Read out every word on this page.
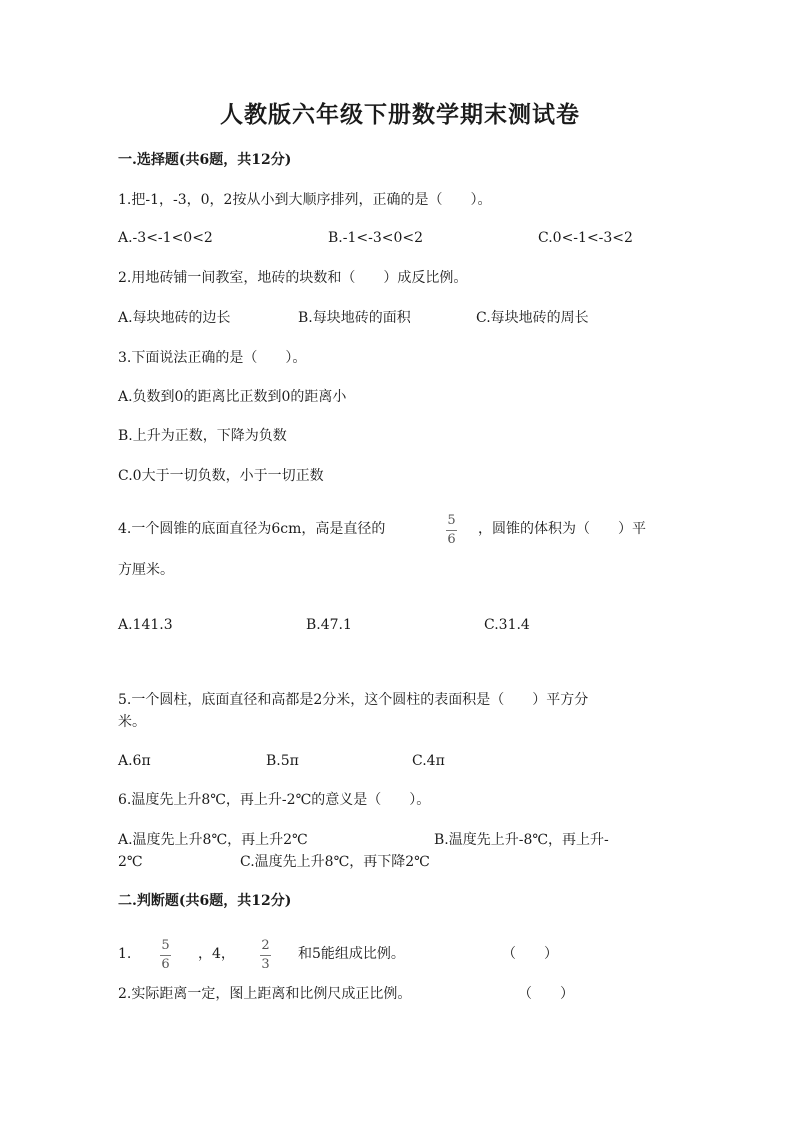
人教版六年级下册数学期末测试卷
一.选择题(共6题，共12分)
1.把-1，-3，0，2按从小到大顺序排列，正确的是（　　）。
A.-3<-1<0<2	B.-1<-3<0<2	C.0<-1<-3<2
2.用地砖铺一间教室，地砖的块数和（　　）成反比例。
A.每块地砖的边长	B.每块地砖的面积	C.每块地砖的周长
3.下面说法正确的是（　　）。
A.负数到0的距离比正数到0的距离小
B.上升为正数，下降为负数
C.0大于一切负数，小于一切正数
4.一个圆锥的底面直径为6cm，高是直径的
5
6
，圆锥的体积为（　　）平
方厘米。
A.141.3	B.47.1	C.31.4
5.一个圆柱，底面直径和高都是2分米，这个圆柱的表面积是（　　）平方分
米。
A.6π	B.5π	C.4π
6.温度先上升8℃，再上升-2℃的意义是（　　）。
A.温度先上升8℃，再上升2℃	B.温度先上升-8℃，再上升-
2℃	C.温度先上升8℃，再下降2℃
二.判断题(共6题，共12分)
1.
5
6
，4，
2
3
和5能组成比例。	（　　）
2.实际距离一定，图上距离和比例尺成正比例。	（　　）
